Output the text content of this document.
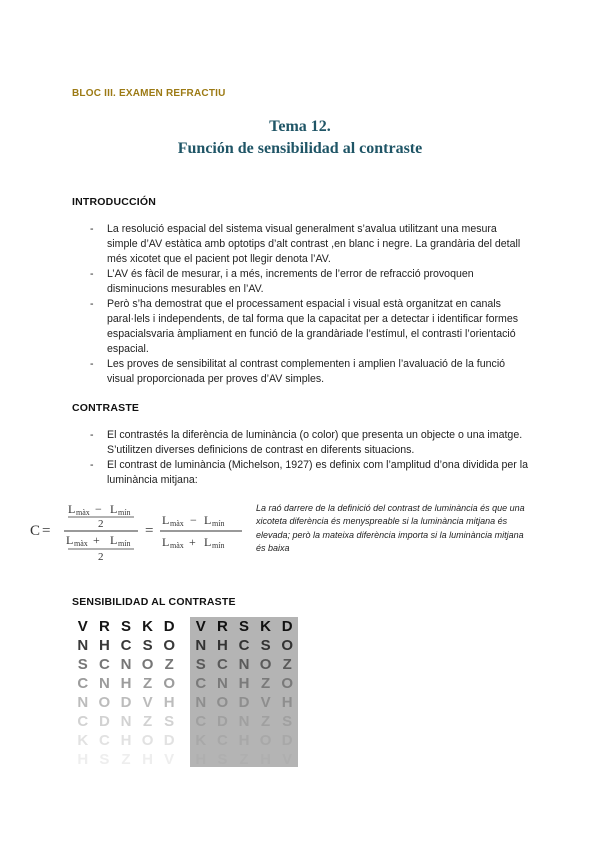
BLOC III. EXAMEN REFRACTIU
Tema 12.
Función de sensibilidad al contraste
INTRODUCCIÓN
- La resolució espacial del sistema visual generalment s’avalua utilitzant una mesura simple d’AV estàtica amb optotips d’alt contrast ,en blanc i negre. La grandària del detall més xicotet que el pacient pot llegir denota l’AV.
- L’AV és fàcil de mesurar, i a més, increments de l’error de refracció provoquen disminucions mesurables en l’AV.
- Però s’ha demostrat que el processament espacial i visual està organitzat en canals paral·lels i independents, de tal forma que la capacitat per a detectar i identificar formes espacialsvaria àmpliament en funció de la grandàriade l’estímul, el contrasti l’orientació espacial.
- Les proves de sensibilitat al contrast complementen i amplien l’avaluació de la funció visual proporcionada per proves d’AV simples.
CONTRASTE
- El contrastés la diferència de luminància (o color) que presenta un objecte o una imatge. S’utilitzen diverses definicions de contrast en diferents situacions.
- El contrast de luminància (Michelson, 1927) es definix com l’amplitud d’ona dividida per la luminància mitjana:
C =
L màx − L mín
2
L màx + L mín
2
=
L màx − L mín
L màx + L mín
La raó darrere de la definició del contrast de luminància és que una xicoteta diferència és menyspreable si la luminància mitjana és elevada; però la mateixa diferència importa si la luminància mitjana és baixa
SENSIBILIDAD AL CONTRASTE
V R S K D
N H C S O
S C N O Z
C N H Z O
N O D V H
C D N Z S
K C H O D
H S Z H V
V R S K D
N H C S O
S C N O Z
C N H Z O
N O D V H
C D N Z S
K C H O D
H S Z H V
